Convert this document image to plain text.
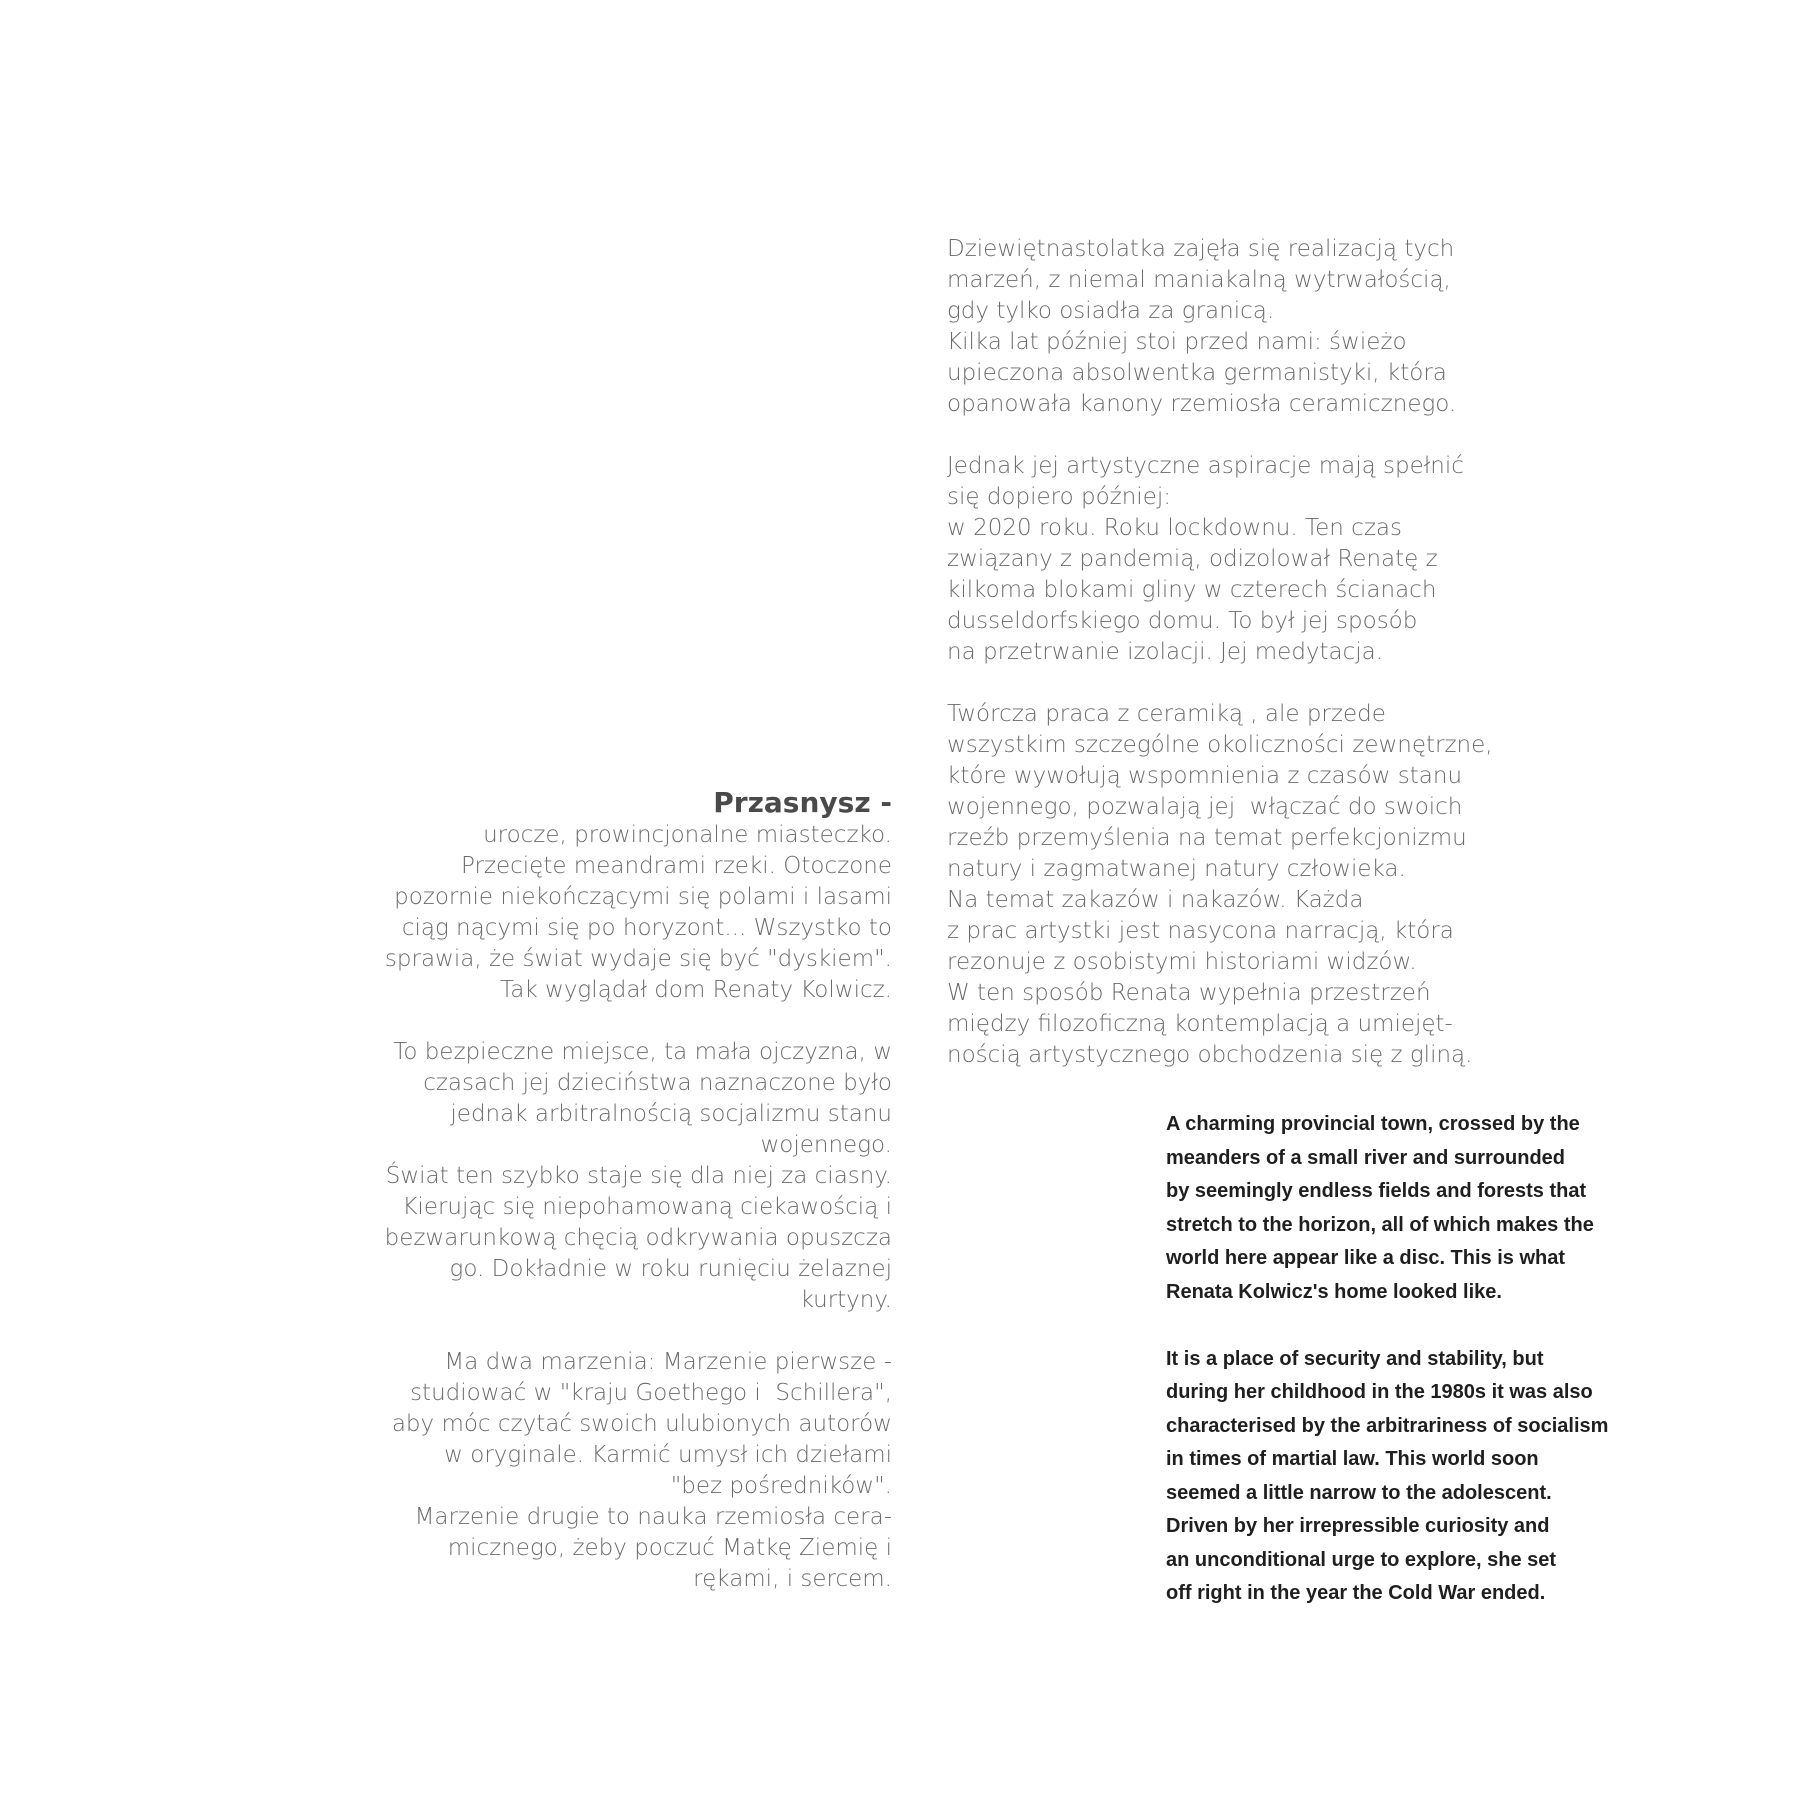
Przasnysz -
urocze, prowincjonalne miasteczko.
Przecięte meandrami rzeki. Otoczone
pozornie niekończącymi się polami i lasami
ciąg nącymi się po horyzont... Wszystko to
sprawia, że świat wydaje się być "dyskiem".
Tak wyglądał dom Renaty Kolwicz.
To bezpieczne miejsce, ta mała ojczyzna, w
czasach jej dzieciństwa naznaczone było
jednak arbitralnością socjalizmu stanu
wojennego.
Świat ten szybko staje się dla niej za ciasny.
Kierując się niepohamowaną ciekawością i
bezwarunkową chęcią odkrywania opuszcza
go. Dokładnie w roku runięciu żelaznej
kurtyny.
Ma dwa marzenia: Marzenie pierwsze -
studiować w "kraju Goethego i  Schillera",
aby móc czytać swoich ulubionych autorów
w oryginale. Karmić umysł ich dziełami
"bez pośredników".
Marzenie drugie to nauka rzemiosła cera-
micznego, żeby poczuć Matkę Ziemię i
rękami, i sercem.
Dziewiętnastolatka zajęła się realizacją tych
marzeń, z niemal maniakalną wytrwałością,
gdy tylko osiadła za granicą.
Kilka lat później stoi przed nami: świeżo
upieczona absolwentka germanistyki, która
opanowała kanony rzemiosła ceramicznego.
Jednak jej artystyczne aspiracje mają spełnić
się dopiero później:
w 2020 roku. Roku lockdownu. Ten czas
związany z pandemią, odizolował Renatę z
kilkoma blokami gliny w czterech ścianach
dusseldorfskiego domu. To był jej sposób
na przetrwanie izolacji. Jej medytacja.
Twórcza praca z ceramiką , ale przede
wszystkim szczególne okoliczności zewnętrzne,
które wywołują wspomnienia z czasów stanu
wojennego, pozwalają jej  włączać do swoich
rzeźb przemyślenia na temat perfekcjonizmu
natury i zagmatwanej natury człowieka.
Na temat zakazów i nakazów. Każda
z prac artystki jest nasycona narracją, która
rezonuje z osobistymi historiami widzów.
W ten sposób Renata wypełnia przestrzeń
między filozoficzną kontemplacją a umiejęt-
nością artystycznego obchodzenia się z gliną.
A charming provincial town, crossed by the
meanders of a small river and surrounded
by seemingly endless fields and forests that
stretch to the horizon, all of which makes the
world here appear like a disc. This is what
Renata Kolwicz's home looked like.
It is a place of security and stability, but
during her childhood in the 1980s it was also
characterised by the arbitrariness of socialism
in times of martial law. This world soon
seemed a little narrow to the adolescent.
Driven by her irrepressible curiosity and
an unconditional urge to explore, she set
off right in the year the Cold War ended.
